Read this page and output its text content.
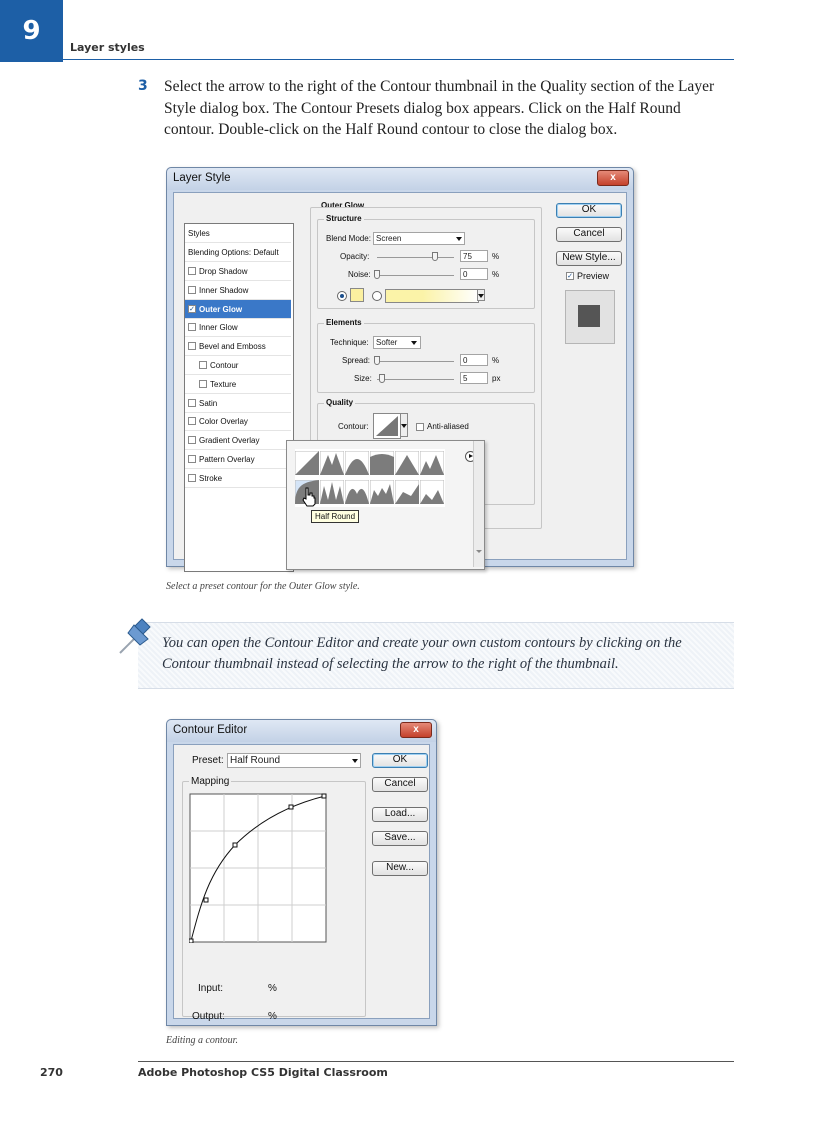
9
Layer styles
3 Select the arrow to the right of the Contour thumbnail in the Quality section of the Layer Style dialog box. The Contour Presets dialog box appears. Click on the Half Round contour. Double-click on the Half Round contour to close the dialog box.
Layer Style	x
Styles
Blending Options: Default
Drop Shadow
Inner Shadow
✓ Outer Glow
Inner Glow
Bevel and Emboss
Contour
Texture
Satin
Color Overlay
Gradient Overlay
Pattern Overlay
Stroke
Outer Glow
Structure
Blend Mode: Screen
Opacity:	75	%
Noise:	0	%
Elements
Technique: Softer
Spread:	0	%
Size:	5	px
Quality
Contour:	Anti-aliased
OK
Cancel
New Style...
✓ Preview
Half Round
Select a preset contour for the Outer Glow style.
You can open the Contour Editor and create your own custom contours by clicking on the Contour thumbnail instead of selecting the arrow to the right of the thumbnail.
Contour Editor	x
Preset: Half Round
Mapping
Input:	%
Output:	%
OK
Cancel
Load...
Save...
New...
Editing a contour.
270	Adobe Photoshop CS5 Digital Classroom
